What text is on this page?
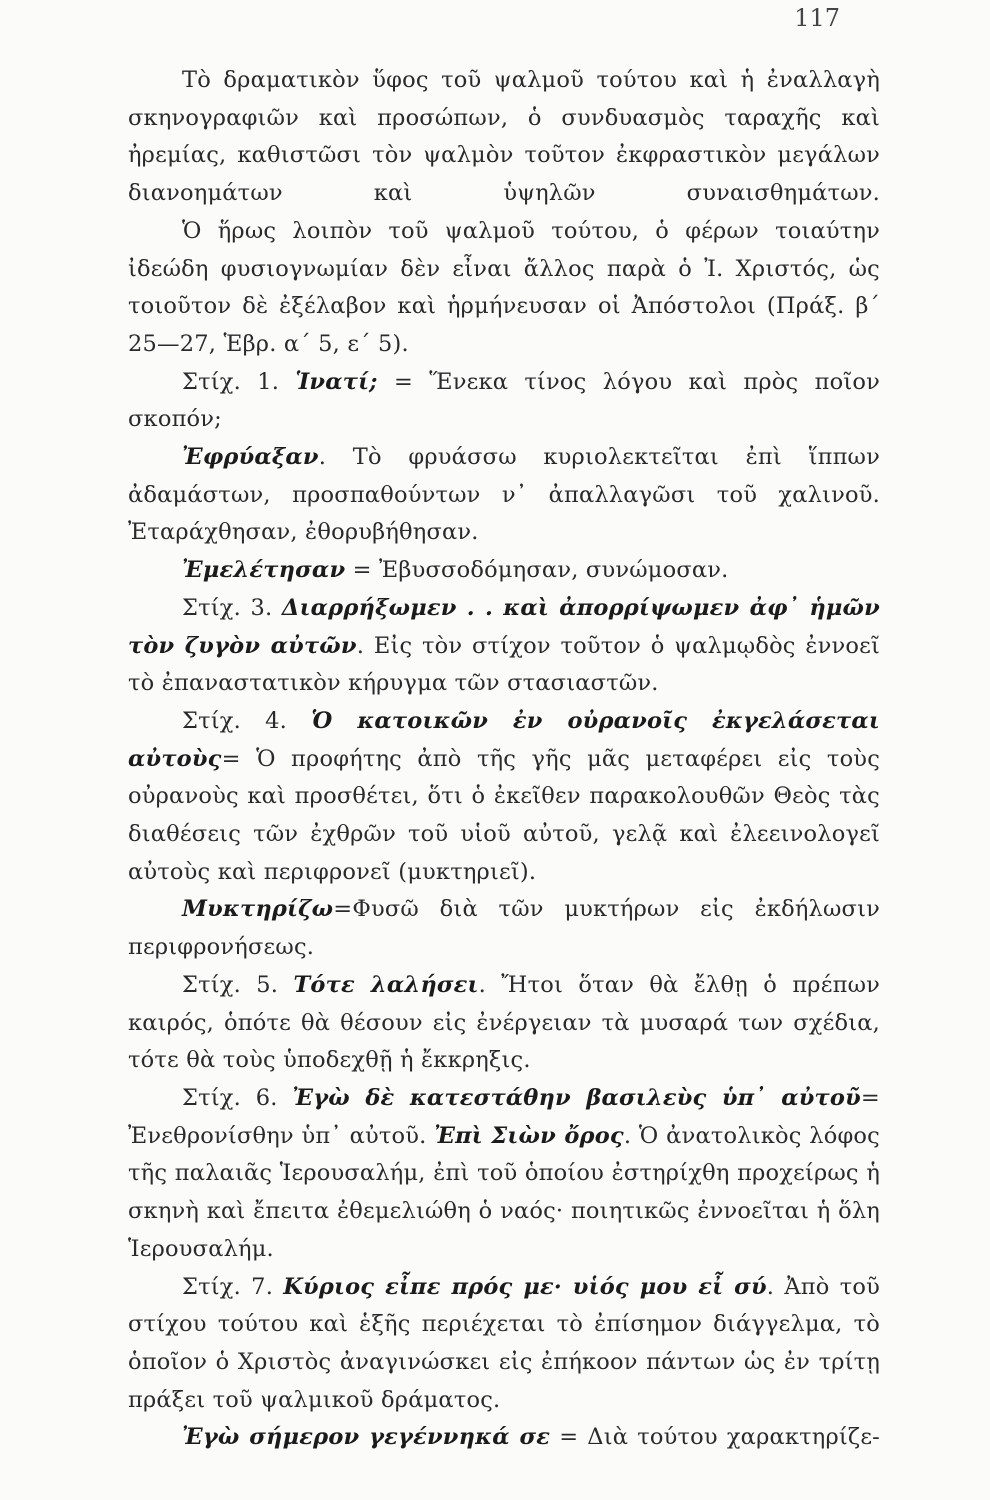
117

Τὸ δραματικὸν ὕφος τοῦ ψαλμοῦ τούτου καὶ ἡ ἐναλλαγὴ σκηνογραφιῶν καὶ προσώπων, ὁ συνδυασμὸς ταραχῆς καὶ ἠρεμίας, καθιστῶσι τὸν ψαλμὸν τοῦτον ἐκφραστικὸν μεγάλων διανοημάτων καὶ ὑψηλῶν συναισθημάτων.

Ὁ ἥρως λοιπὸν τοῦ ψαλμοῦ τούτου, ὁ φέρων τοιαύτην ἰδεώδη φυσιογνωμίαν δὲν εἶναι ἄλλος παρὰ ὁ Ἰ. Χριστός, ὡς τοιοῦτον δὲ ἐξέλαβον καὶ ἡρμήνευσαν οἱ Ἀπόστολοι (Πράξ. β΄ 25—27, Ἑβρ. α΄ 5, ε΄ 5).

Στίχ. 1. Ἱνατί; = Ἕνεκα τίνος λόγου καὶ πρὸς ποῖον σκοπόν;

Ἐφρύαξαν. Τὸ φρυάσσω κυριολεκτεῖται ἐπὶ ἵππων ἀδαμάστων, προσπαθούντων ν᾽ ἀπαλλαγῶσι τοῦ χαλινοῦ. Ἐταράχθησαν, ἐθορυβήθησαν.

Ἐμελέτησαν = Ἐβυσσοδόμησαν, συνώμοσαν.

Στίχ. 3. Διαρρήξωμεν . . καὶ ἀπορρίψωμεν ἀφ᾽ ἡμῶν τὸν ζυγὸν αὐτῶν. Εἰς τὸν στίχον τοῦτον ὁ ψαλμῳδὸς ἐννοεῖ τὸ ἐπαναστατικὸν κήρυγμα τῶν στασιαστῶν.

Στίχ. 4. Ὁ κατοικῶν ἐν οὐρανοῖς ἐκγελάσεται αὐτοὺς= Ὁ προφήτης ἀπὸ τῆς γῆς μᾶς μεταφέρει εἰς τοὺς οὐρανοὺς καὶ προσθέτει, ὅτι ὁ ἐκεῖθεν παρακολουθῶν Θεὸς τὰς διαθέσεις τῶν ἐχθρῶν τοῦ υἱοῦ αὐτοῦ, γελᾷ καὶ ἐλεεινολογεῖ αὐτοὺς καὶ περιφρονεῖ (μυκτηριεῖ).

Μυκτηρίζω=Φυσῶ διὰ τῶν μυκτήρων εἰς ἐκδήλωσιν περιφρονήσεως.

Στίχ. 5. Τότε λαλήσει. Ἤτοι ὅταν θὰ ἔλθῃ ὁ πρέπων καιρός, ὁπότε θὰ θέσουν εἰς ἐνέργειαν τὰ μυσαρά των σχέδια, τότε θὰ τοὺς ὑποδεχθῇ ἡ ἔκκρηξις.

Στίχ. 6. Ἐγὼ δὲ κατεστάθην βασιλεὺς ὑπ᾽ αὐτοῦ= Ἐνεθρονίσθην ὑπ᾽ αὐτοῦ. Ἐπὶ Σιὼν ὄρος. Ὁ ἀνατολικὸς λόφος τῆς παλαιᾶς Ἱερουσαλήμ, ἐπὶ τοῦ ὁποίου ἐστηρίχθη προχείρως ἡ σκηνὴ καὶ ἔπειτα ἐθεμελιώθη ὁ ναός· ποιητικῶς ἐννοεῖται ἡ ὅλη Ἱερουσαλήμ.

Στίχ. 7. Κύριος εἶπε πρός με· υἱός μου εἶ σύ. Ἀπὸ τοῦ στίχου τούτου καὶ ἑξῆς περιέχεται τὸ ἐπίσημον διάγγελμα, τὸ ὁποῖον ὁ Χριστὸς ἀναγινώσκει εἰς ἐπήκοον πάντων ὡς ἐν τρίτῃ πράξει τοῦ ψαλμικοῦ δράματος.

Ἐγὼ σήμερον γεγέννηκά σε = Διὰ τούτου χαρακτηρίζε-
